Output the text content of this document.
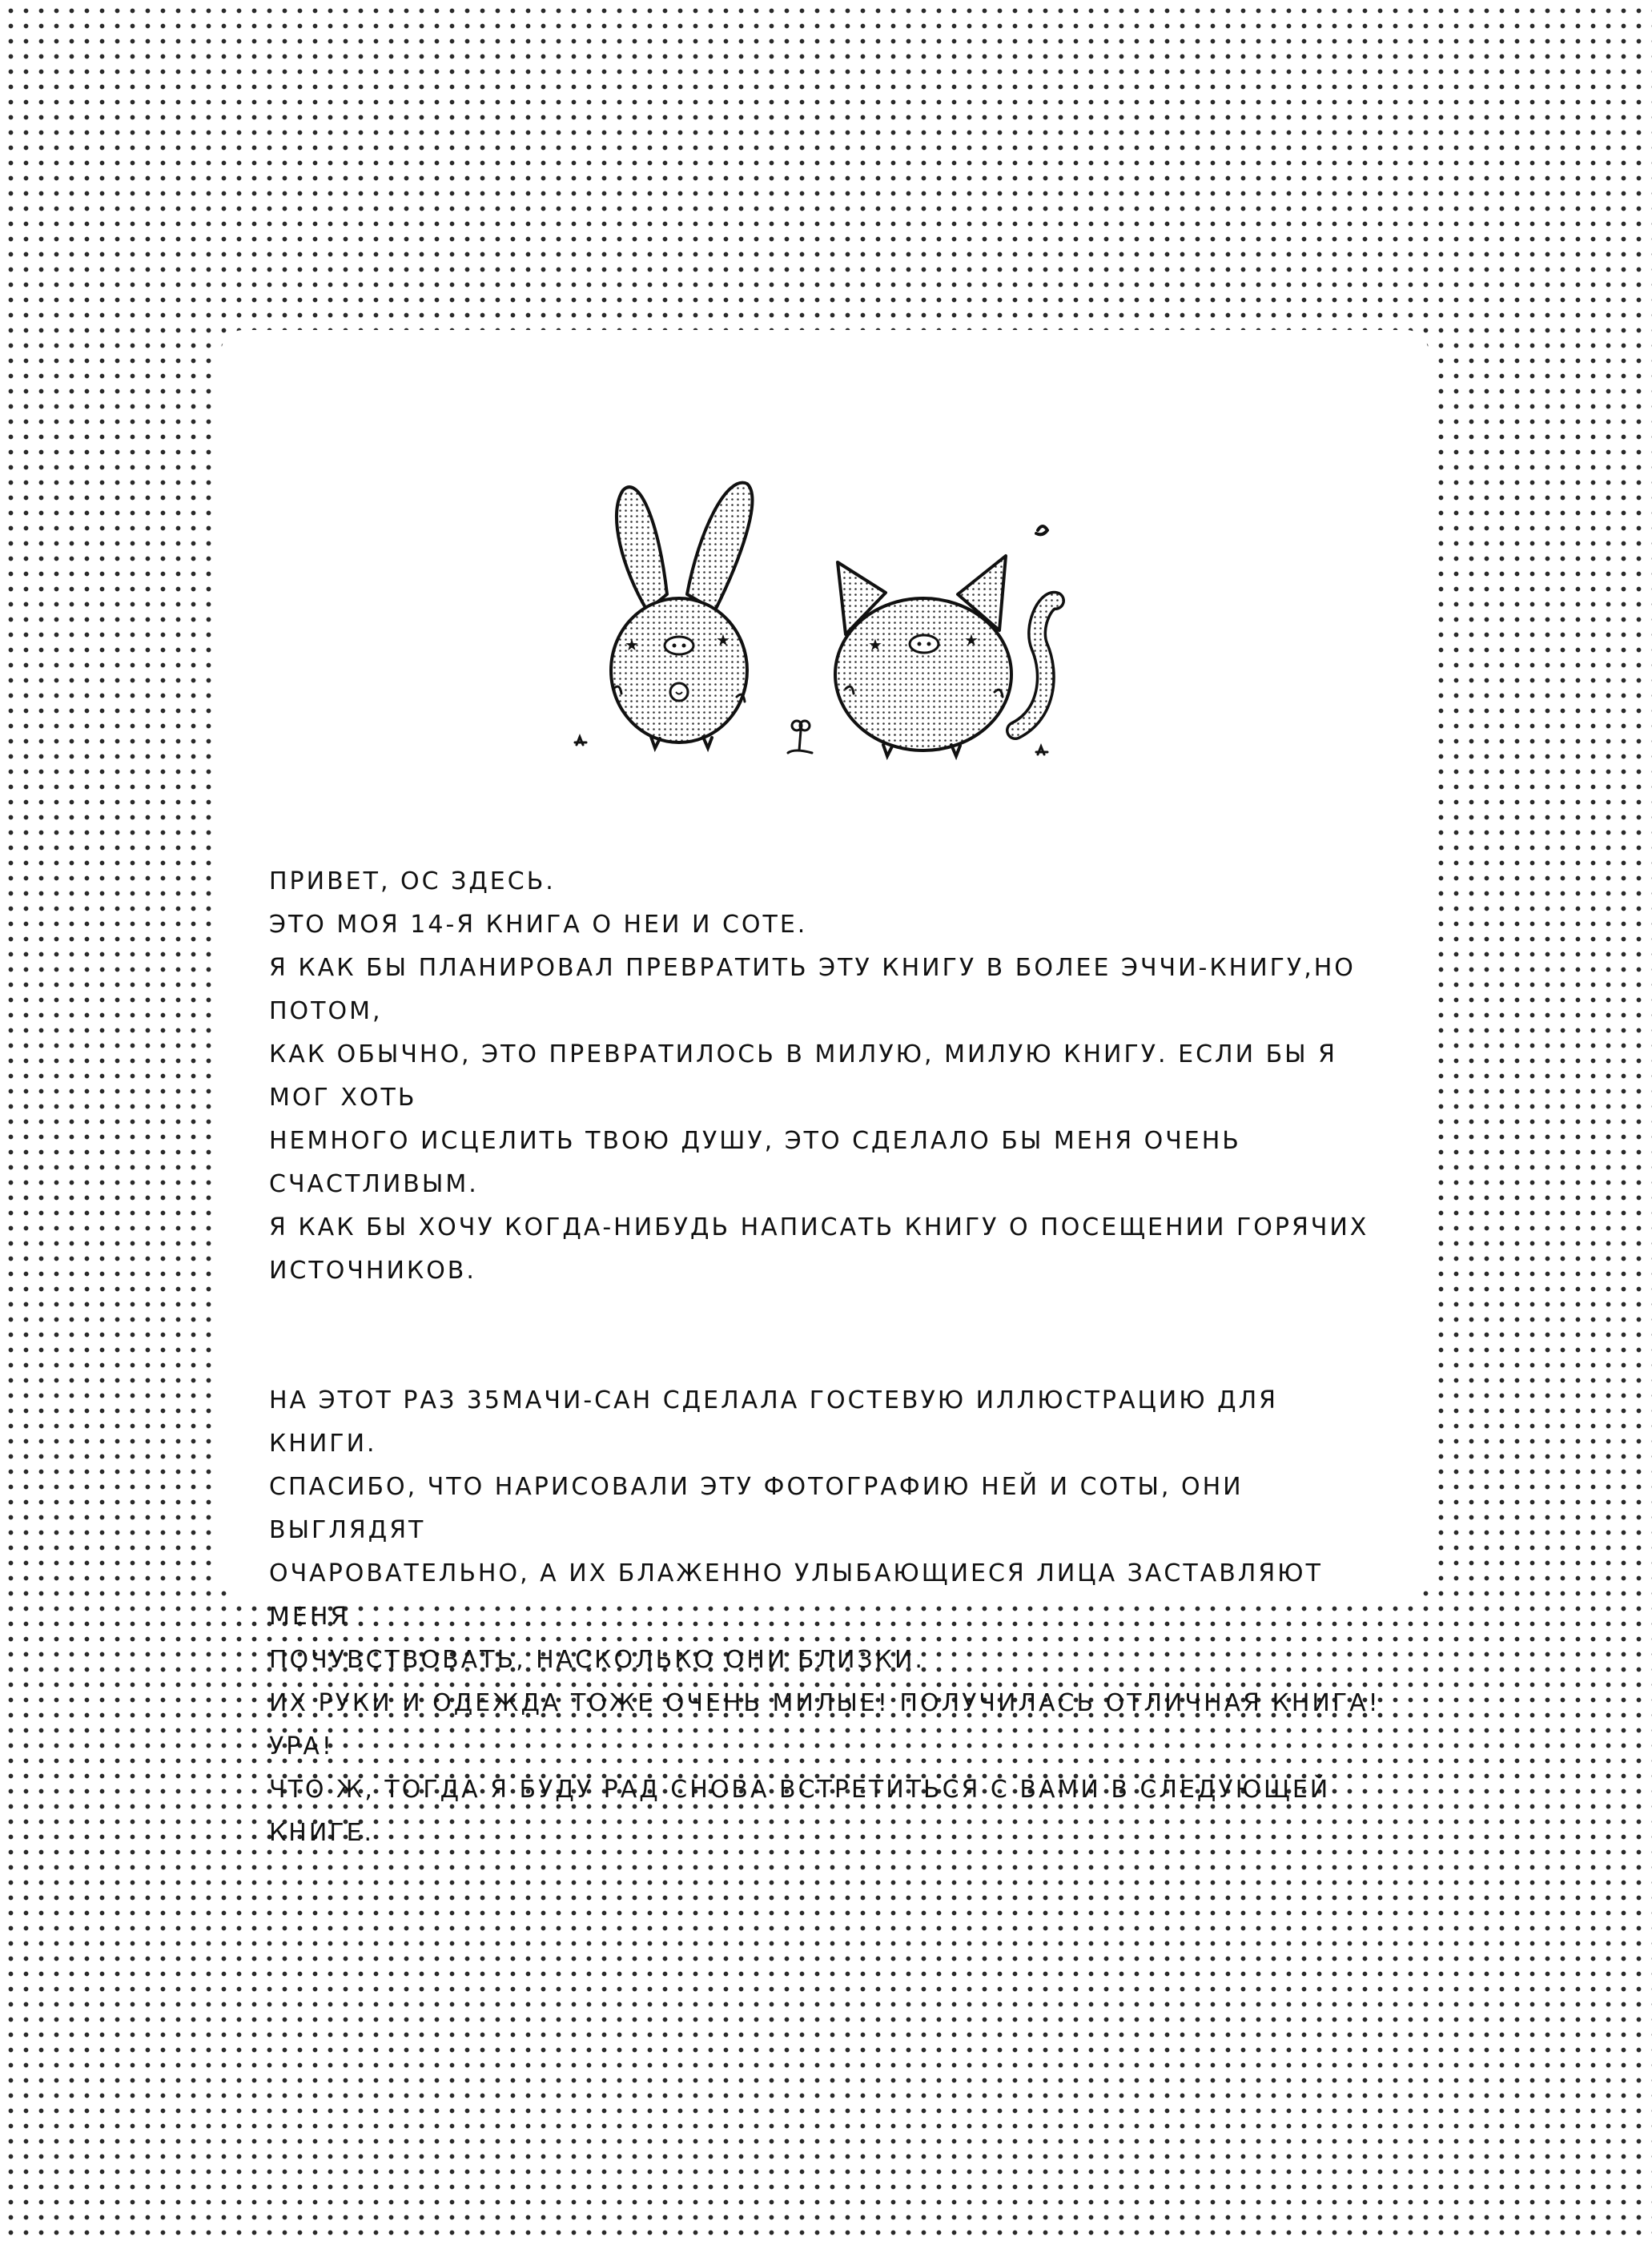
★	★	★	★

ПРИВЕТ, ОС ЗДЕСЬ.
ЭТО МОЯ 14-Я КНИГА О НЕИ И СОТЕ.
Я КАК БЫ ПЛАНИРОВАЛ ПРЕВРАТИТЬ ЭТУ КНИГУ В БОЛЕЕ ЭЧЧИ-КНИГУ,НО ПОТОМ,
КАК ОБЫЧНО, ЭТО ПРЕВРАТИЛОСЬ В МИЛУЮ, МИЛУЮ КНИГУ. ЕСЛИ БЫ Я МОГ ХОТЬ
НЕМНОГО ИСЦЕЛИТЬ ТВОЮ ДУШУ, ЭТО СДЕЛАЛО БЫ МЕНЯ ОЧЕНЬ СЧАСТЛИВЫМ.
Я КАК БЫ ХОЧУ КОГДА-НИБУДЬ НАПИСАТЬ КНИГУ О ПОСЕЩЕНИИ ГОРЯЧИХ
ИСТОЧНИКОВ.

НА ЭТОТ РАЗ 35МАЧИ-САН СДЕЛАЛА ГОСТЕВУЮ ИЛЛЮСТРАЦИЮ ДЛЯ КНИГИ.
СПАСИБО, ЧТО НАРИСОВАЛИ ЭТУ ФОТОГРАФИЮ НЕЙ И СОТЫ, ОНИ ВЫГЛЯДЯТ
ОЧАРОВАТЕЛЬНО, А ИХ БЛАЖЕННО УЛЫБАЮЩИЕСЯ ЛИЦА ЗАСТАВЛЯЮТ МЕНЯ
ПОЧУВСТВОВАТЬ, НАСКОЛЬКО ОНИ БЛИЗКИ.
ИХ РУКИ И ОДЕЖДА ТОЖЕ ОЧЕНЬ МИЛЫЕ! ПОЛУЧИЛАСЬ ОТЛИЧНАЯ КНИГА! УРА!
ЧТО Ж, ТОГДА Я БУДУ РАД СНОВА ВСТРЕТИТЬСЯ С ВАМИ В СЛЕДУЮЩЕЙ КНИГЕ.
